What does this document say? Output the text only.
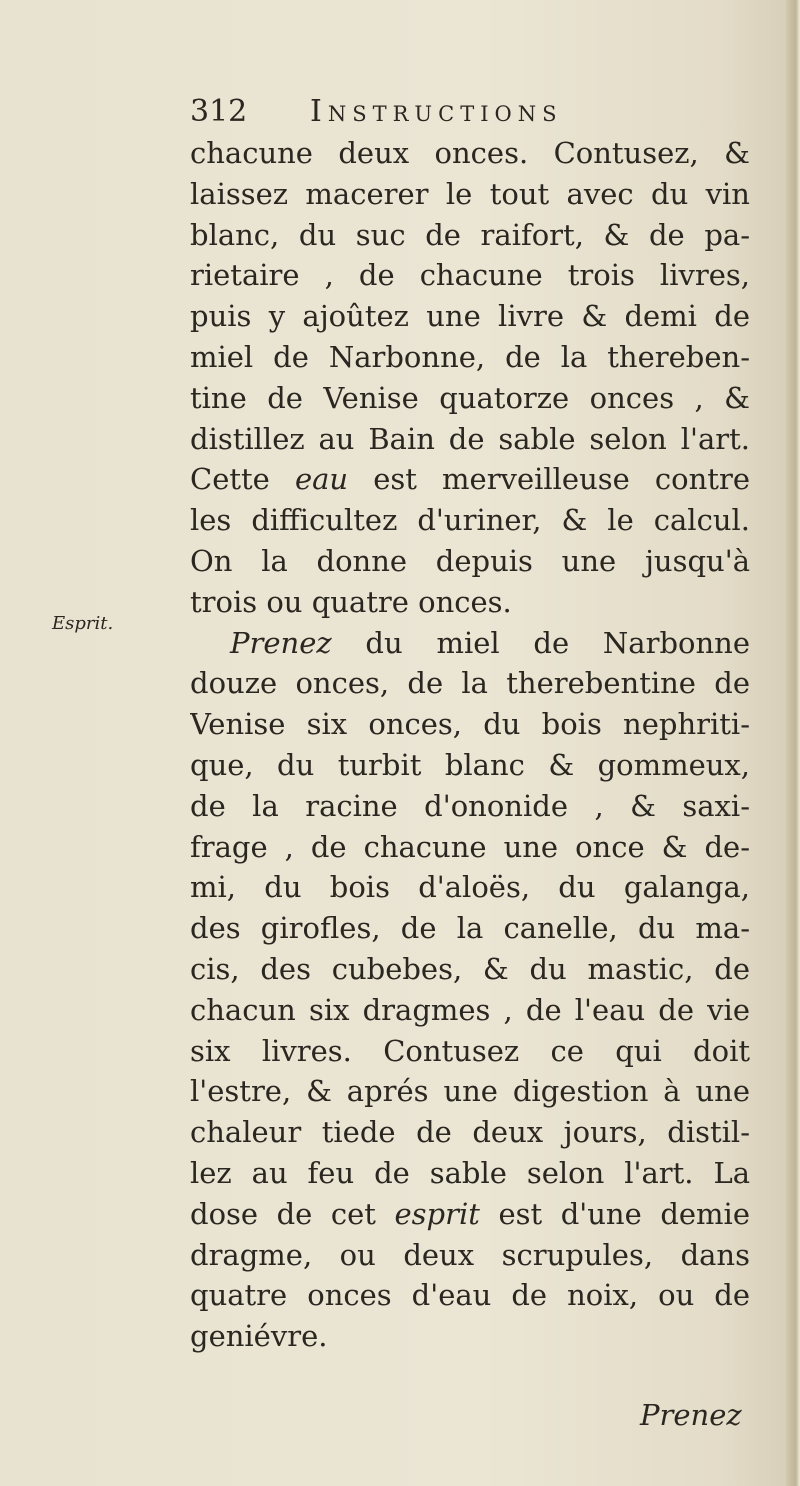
312 Instructions
Esprit.
chacune deux onces. Contusez, &
laissez macerer le tout avec du vin
blanc, du suc de raifort, & de pa-
rietaire , de chacune trois livres,
puis y ajoûtez une livre & demi de
miel de Narbonne, de la thereben-
tine de Venise quatorze onces , &
distillez au Bain de sable selon l'art.
Cette eau est merveilleuse contre
les difficultez d'uriner, & le calcul.
On la donne depuis une jusqu'à
trois ou quatre onces.
Prenez du miel de Narbonne
douze onces, de la therebentine de
Venise six onces, du bois nephriti-
que, du turbit blanc & gommeux,
de la racine d'ononide , & saxi-
frage , de chacune une once & de-
mi, du bois d'aloës, du galanga,
des girofles, de la canelle, du ma-
cis, des cubebes, & du mastic, de
chacun six dragmes , de l'eau de vie
six livres. Contusez ce qui doit
l'estre, & aprés une digestion à une
chaleur tiede de deux jours, distil-
lez au feu de sable selon l'art. La
dose de cet esprit est d'une demie
dragme, ou deux scrupules, dans
quatre onces d'eau de noix, ou de
geniévre.
Prenez
